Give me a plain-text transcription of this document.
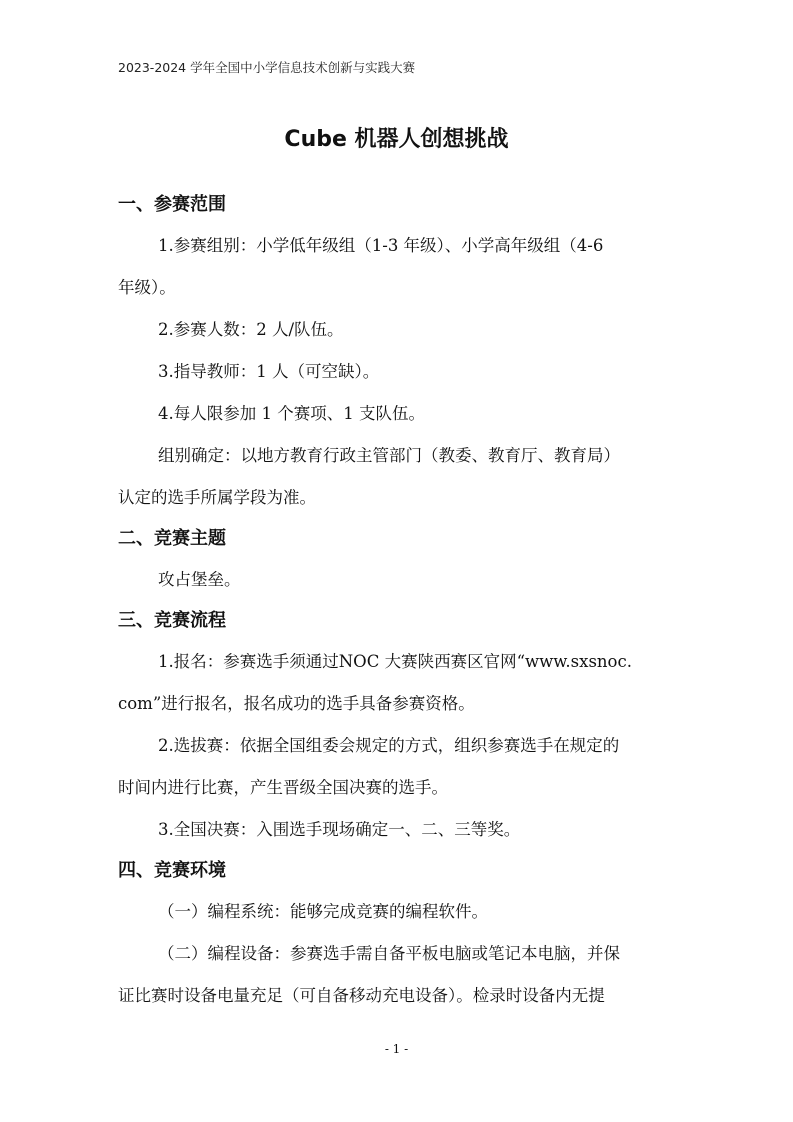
2023-2024 学年全国中小学信息技术创新与实践大赛
Cube 机器人创想挑战
一、参赛范围
1.参赛组别：小学低年级组（1-3 年级）、小学高年级组（4-6
年级）。
2.参赛人数：2 人/队伍。
3.指导教师：1 人（可空缺）。
4.每人限参加 1 个赛项、1 支队伍。
组别确定：以地方教育行政主管部门（教委、教育厅、教育局）
认定的选手所属学段为准。
二、竞赛主题
攻占堡垒。
三、竞赛流程
1.报名：参赛选手须通过NOC 大赛陕西赛区官网“www.sxsnoc.
com”进行报名，报名成功的选手具备参赛资格。
2.选拔赛：依据全国组委会规定的方式，组织参赛选手在规定的
时间内进行比赛，产生晋级全国决赛的选手。
3.全国决赛：入围选手现场确定一、二、三等奖。
四、竞赛环境
（一）编程系统：能够完成竞赛的编程软件。
（二）编程设备：参赛选手需自备平板电脑或笔记本电脑，并保
证比赛时设备电量充足（可自备移动充电设备）。检录时设备内无提
- 1 -
